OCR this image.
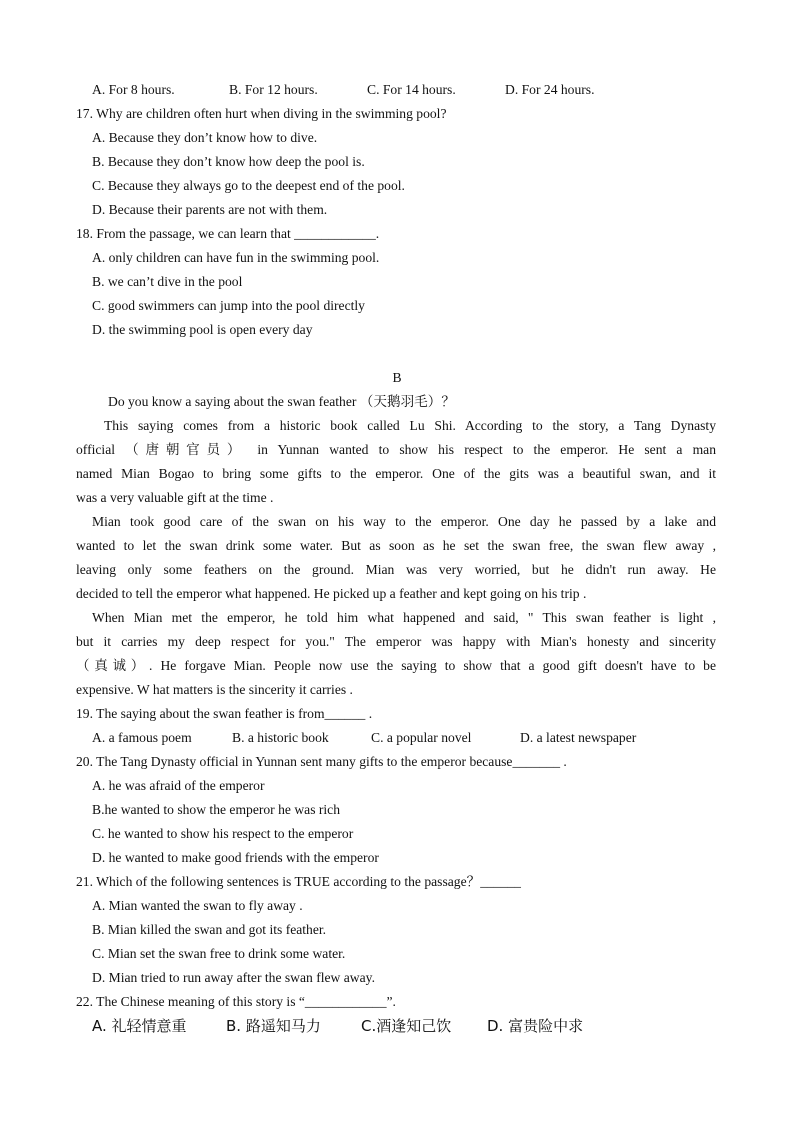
A. For 8 hours.	B. For 12 hours.	C. For 14 hours.	D. For 24 hours.
17. Why are children often hurt when diving in the swimming pool?
A. Because they don’t know how to dive.
B. Because they don’t know how deep the pool is.
C. Because they always go to the deepest end of the pool.
D. Because their parents are not with them.
18. From the passage, we can learn that ____________.
A. only children can have fun in the swimming pool.
B. we can’t dive in the pool
C. good swimmers can jump into the pool directly
D. the swimming pool is open every day
B
Do you know a saying about the swan feather （天鹅羽毛）？
This saying comes from a historic book called Lu Shi. According to the story, a Tang Dynasty
official （唐朝官员） in Yunnan wanted to show his respect to the emperor. He sent a man
named Mian Bogao to bring some gifts to the emperor. One of the gits was a beautiful swan, and it
was a very valuable gift at the time .
Mian took good care of the swan on his way to the emperor. One day he passed by a lake and
wanted to let the swan drink some water. But as soon as he set the swan free, the swan flew away ,
leaving only some feathers on the ground. Mian was very worried, but he didn't run away. He
decided to tell the emperor what happened. He picked up a feather and kept going on his trip .
When Mian met the emperor, he told him what happened and said, " This swan feather is light ,
but it carries my deep respect for you." The emperor was happy with Mian's honesty and sincerity
（真诚）. He forgave Mian. People now use the saying to show that a good gift doesn't have to be
expensive. W hat matters is the sincerity it carries .
19. The saying about the swan feather is from______ .
A. a famous poem	B. a historic book	C. a popular novel	D. a latest newspaper
20. The Tang Dynasty official in Yunnan sent many gifts to the emperor because_______ .
A. he was afraid of the emperor
B.he wanted to show the emperor he was rich
C. he wanted to show his respect to the emperor
D. he wanted to make good friends with the emperor
21. Which of the following sentences is TRUE according to the passage？______
A. Mian wanted the swan to fly away .
B. Mian killed the swan and got its feather.
C. Mian set the swan free to drink some water.
D. Mian tried to run away after the swan flew away.
22. The Chinese meaning of this story is “____________”.
A. 礼轻情意重	B. 路遥知马力	C.酒逢知己饮 D. 富贵险中求
